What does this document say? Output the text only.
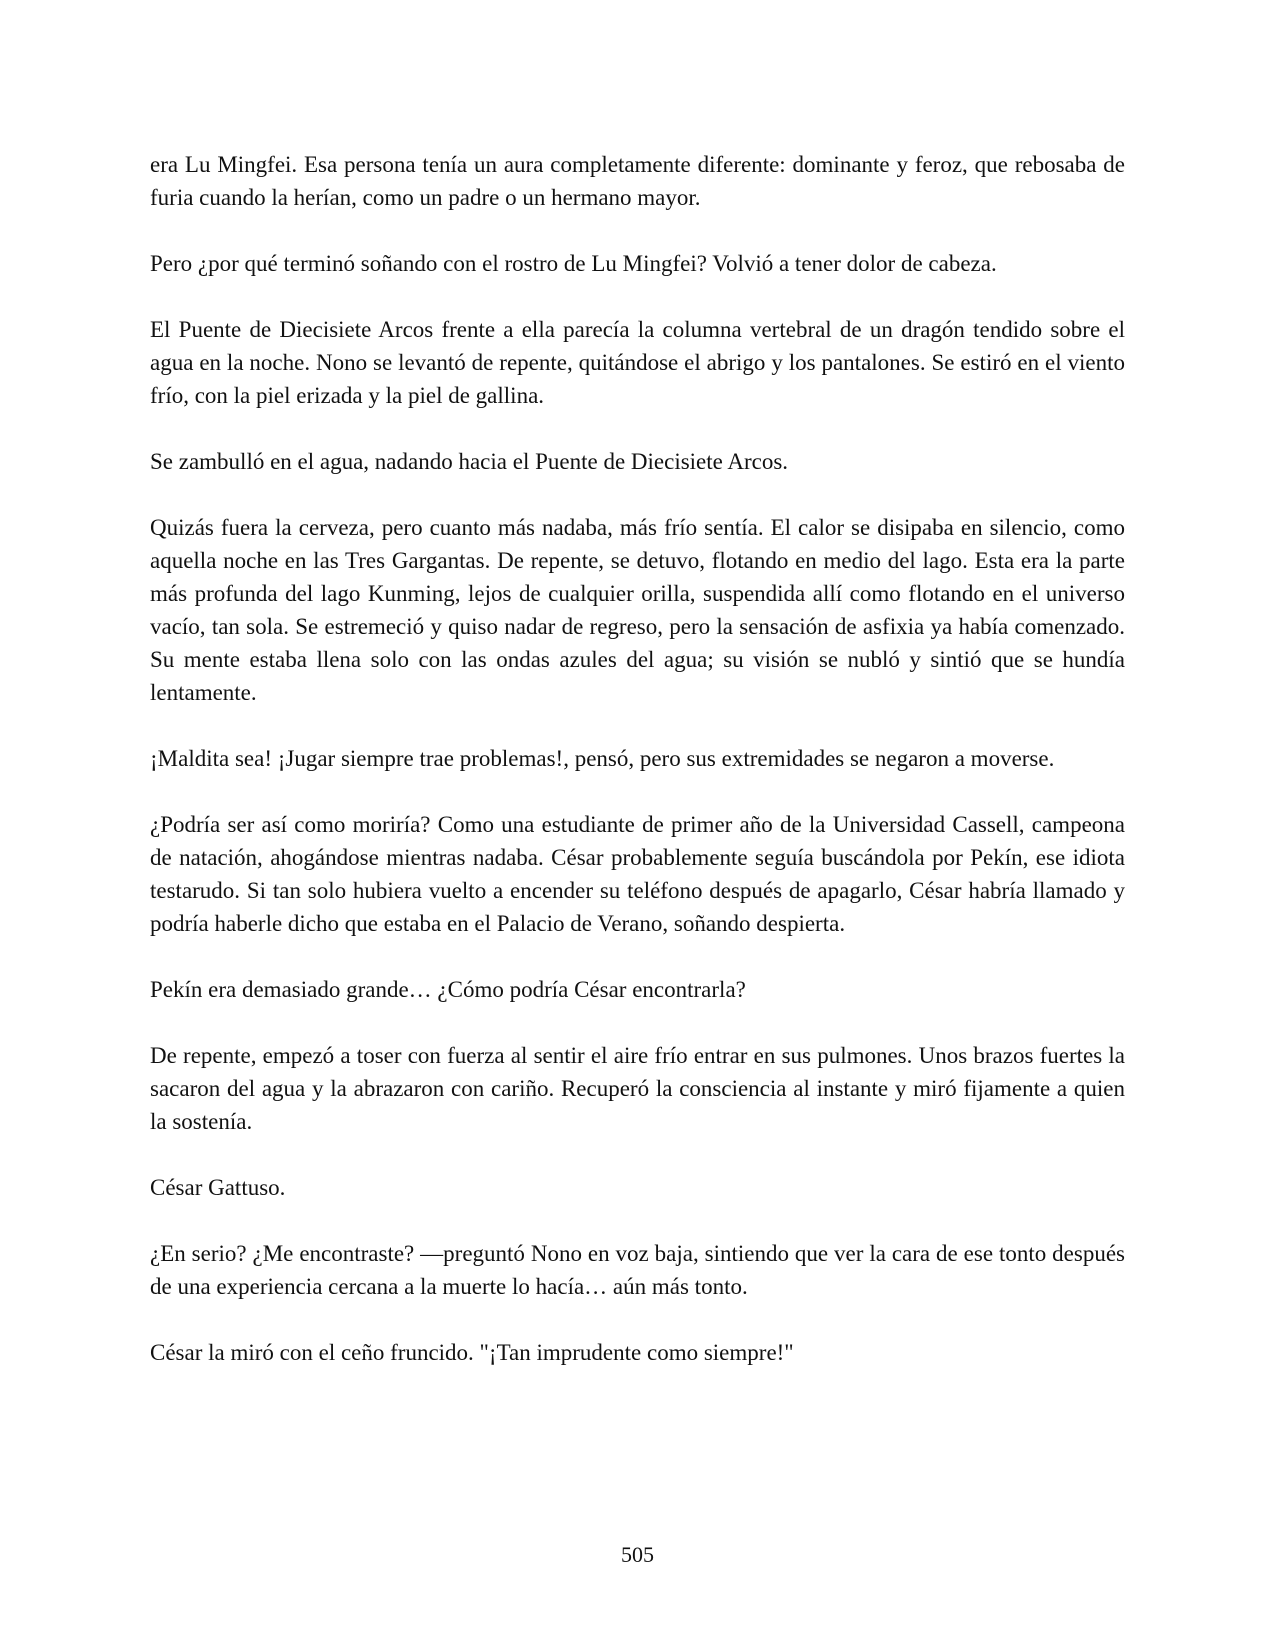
era Lu Mingfei. Esa persona tenía un aura completamente diferente: dominante y feroz, que rebosaba de furia cuando la herían, como un padre o un hermano mayor.

Pero ¿por qué terminó soñando con el rostro de Lu Mingfei? Volvió a tener dolor de cabeza.

El Puente de Diecisiete Arcos frente a ella parecía la columna vertebral de un dragón tendido sobre el agua en la noche. Nono se levantó de repente, quitándose el abrigo y los pantalones. Se estiró en el viento frío, con la piel erizada y la piel de gallina.

Se zambulló en el agua, nadando hacia el Puente de Diecisiete Arcos.

Quizás fuera la cerveza, pero cuanto más nadaba, más frío sentía. El calor se disipaba en silencio, como aquella noche en las Tres Gargantas. De repente, se detuvo, flotando en medio del lago. Esta era la parte más profunda del lago Kunming, lejos de cualquier orilla, suspendida allí como flotando en el universo vacío, tan sola. Se estremeció y quiso nadar de regreso, pero la sensación de asfixia ya había comenzado. Su mente estaba llena solo con las ondas azules del agua; su visión se nubló y sintió que se hundía lentamente.

¡Maldita sea! ¡Jugar siempre trae problemas!, pensó, pero sus extremidades se negaron a moverse.

¿Podría ser así como moriría? Como una estudiante de primer año de la Universidad Cassell, campeona de natación, ahogándose mientras nadaba. César probablemente seguía buscándola por Pekín, ese idiota testarudo. Si tan solo hubiera vuelto a encender su teléfono después de apagarlo, César habría llamado y podría haberle dicho que estaba en el Palacio de Verano, soñando despierta.

Pekín era demasiado grande… ¿Cómo podría César encontrarla?

De repente, empezó a toser con fuerza al sentir el aire frío entrar en sus pulmones. Unos brazos fuertes la sacaron del agua y la abrazaron con cariño. Recuperó la consciencia al instante y miró fijamente a quien la sostenía.

César Gattuso.

¿En serio? ¿Me encontraste? —preguntó Nono en voz baja, sintiendo que ver la cara de ese tonto después de una experiencia cercana a la muerte lo hacía… aún más tonto.

César la miró con el ceño fruncido. "¡Tan imprudente como siempre!"

505
